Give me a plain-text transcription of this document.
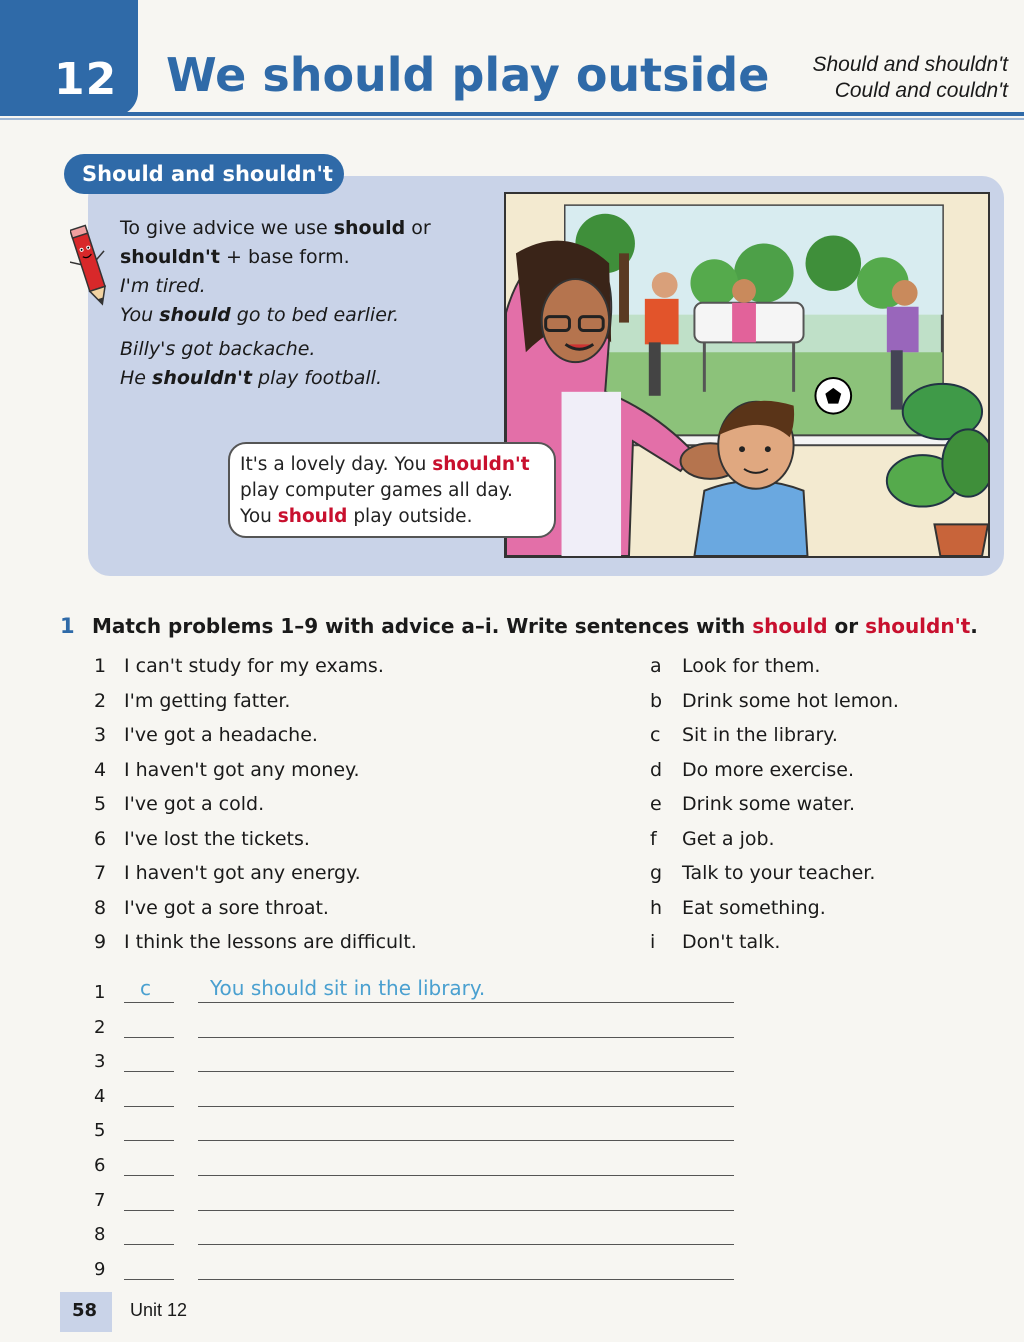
12 We should play outside Should and shouldn't
Could and couldn't
Should and shouldn't
To give advice we use should or
shouldn't + base form.
I'm tired.
You should go to bed earlier.
Billy's got backache.
He shouldn't play football.
It's a lovely day. You shouldn't
play computer games all day.
You should play outside.
1 Match problems 1–9 with advice a–i. Write sentences with should or shouldn't.
1 I can't study for my exams.
2 I'm getting fatter.
3 I've got a headache.
4 I haven't got any money.
5 I've got a cold.
6 I've lost the tickets.
7 I haven't got any energy.
8 I've got a sore throat.
9 I think the lessons are difficult.
a Look for them.
b Drink some hot lemon.
c Sit in the library.
d Do more exercise.
e Drink some water.
f Get a job.
g Talk to your teacher.
h Eat something.
i Don't talk.
1 c	You should sit in the library.
2
3
4
5
6
7
8
9
58 Unit 12
